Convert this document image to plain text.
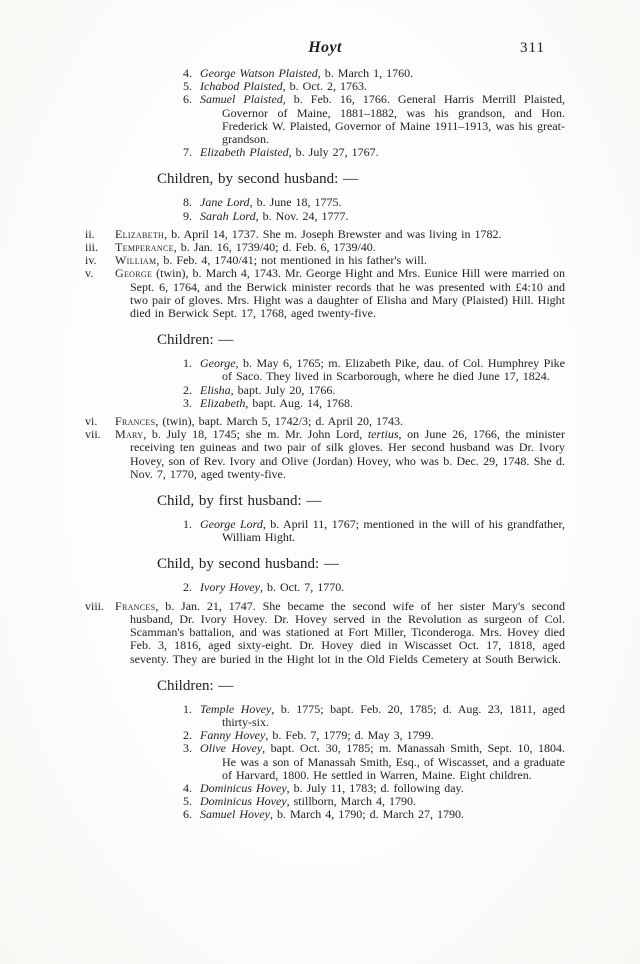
Hoyt	311
4. George Watson Plaisted, b. March 1, 1760.
5. Ichabod Plaisted, b. Oct. 2, 1763.
6. Samuel Plaisted, b. Feb. 16, 1766. General Harris Merrill Plaisted, Governor of Maine, 1881–1882, was his grandson, and Hon. Frederick W. Plaisted, Governor of Maine 1911–1913, was his great-grandson.
7. Elizabeth Plaisted, b. July 27, 1767.
Children, by second husband: —
8. Jane Lord, b. June 18, 1775.
9. Sarah Lord, b. Nov. 24, 1777.
ii.	Elizabeth, b. April 14, 1737. She m. Joseph Brewster and was living in 1782.
iii.	Temperance, b. Jan. 16, 1739/40; d. Feb. 6, 1739/40.
iv.	William, b. Feb. 4, 1740/41; not mentioned in his father's will.
v.	George (twin), b. March 4, 1743. Mr. George Hight and Mrs. Eunice Hill were married on Sept. 6, 1764, and the Berwick minister records that he was presented with £4:10 and two pair of gloves. Mrs. Hight was a daughter of Elisha and Mary (Plaisted) Hill. Hight died in Berwick Sept. 17, 1768, aged twenty-five.
Children: —
1. George, b. May 6, 1765; m. Elizabeth Pike, dau. of Col. Humphrey Pike of Saco. They lived in Scarborough, where he died June 17, 1824.
2. Elisha, bapt. July 20, 1766.
3. Elizabeth, bapt. Aug. 14, 1768.
vi.	Frances, (twin), bapt. March 5, 1742/3; d. April 20, 1743.
vii.	Mary, b. July 18, 1745; she m. Mr. John Lord, tertius, on June 26, 1766, the minister receiving ten guineas and two pair of silk gloves. Her second husband was Dr. Ivory Hovey, son of Rev. Ivory and Olive (Jordan) Hovey, who was b. Dec. 29, 1748. She d. Nov. 7, 1770, aged twenty-five.
Child, by first husband: —
1. George Lord, b. April 11, 1767; mentioned in the will of his grandfather, William Hight.
Child, by second husband: —
2. Ivory Hovey, b. Oct. 7, 1770.
viii. Frances, b. Jan. 21, 1747. She became the second wife of her sister Mary's second husband, Dr. Ivory Hovey. Dr. Hovey served in the Revolution as surgeon of Col. Scamman's battalion, and was stationed at Fort Miller, Ticonderoga. Mrs. Hovey died Feb. 3, 1816, aged sixty-eight. Dr. Hovey died in Wiscasset Oct. 17, 1818, aged seventy. They are buried in the Hight lot in the Old Fields Cemetery at South Berwick.
Children: —
1. Temple Hovey, b. 1775; bapt. Feb. 20, 1785; d. Aug. 23, 1811, aged thirty-six.
2. Fanny Hovey, b. Feb. 7, 1779; d. May 3, 1799.
3. Olive Hovey, bapt. Oct. 30, 1785; m. Manassah Smith, Sept. 10, 1804. He was a son of Manassah Smith, Esq., of Wiscasset, and a graduate of Harvard, 1800. He settled in Warren, Maine. Eight children.
4. Dominicus Hovey, b. July 11, 1783; d. following day.
5. Dominicus Hovey, stillborn, March 4, 1790.
6. Samuel Hovey, b. March 4, 1790; d. March 27, 1790.
